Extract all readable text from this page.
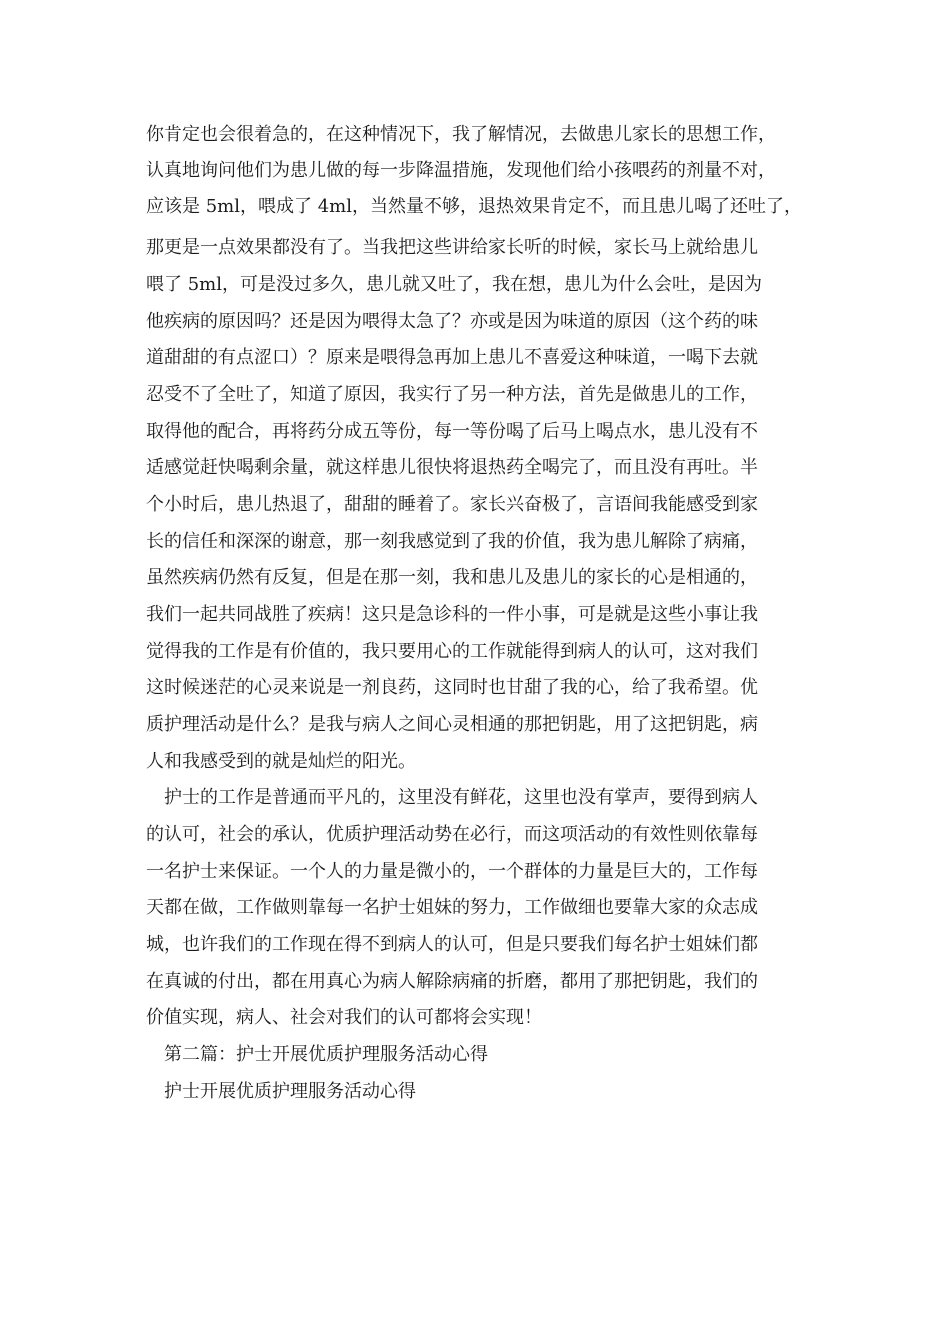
你肯定也会很着急的，在这种情况下，我了解情况，去做患儿家长的思想工作，
认真地询问他们为患儿做的每一步降温措施，发现他们给小孩喂药的剂量不对，
应该是 5ml，喂成了 4ml，当然量不够，退热效果肯定不，而且患儿喝了还吐了，
那更是一点效果都没有了。当我把这些讲给家长听的时候，家长马上就给患儿
喂了 5ml，可是没过多久，患儿就又吐了，我在想，患儿为什么会吐，是因为
他疾病的原因吗？还是因为喂得太急了？亦或是因为味道的原因（这个药的味
道甜甜的有点涩口）？原来是喂得急再加上患儿不喜爱这种味道，一喝下去就
忍受不了全吐了，知道了原因，我实行了另一种方法，首先是做患儿的工作，
取得他的配合，再将药分成五等份，每一等份喝了后马上喝点水，患儿没有不
适感觉赶快喝剩余量，就这样患儿很快将退热药全喝完了，而且没有再吐。半
个小时后，患儿热退了，甜甜的睡着了。家长兴奋极了，言语间我能感受到家
长的信任和深深的谢意，那一刻我感觉到了我的价值，我为患儿解除了病痛，
虽然疾病仍然有反复，但是在那一刻，我和患儿及患儿的家长的心是相通的，
我们一起共同战胜了疾病！这只是急诊科的一件小事，可是就是这些小事让我
觉得我的工作是有价值的，我只要用心的工作就能得到病人的认可，这对我们
这时候迷茫的心灵来说是一剂良药，这同时也甘甜了我的心，给了我希望。优
质护理活动是什么？是我与病人之间心灵相通的那把钥匙，用了这把钥匙，病
人和我感受到的就是灿烂的阳光。
护士的工作是普通而平凡的，这里没有鲜花，这里也没有掌声，要得到病人
的认可，社会的承认，优质护理活动势在必行，而这项活动的有效性则依靠每
一名护士来保证。一个人的力量是微小的，一个群体的力量是巨大的，工作每
天都在做，工作做则靠每一名护士姐妹的努力，工作做细也要靠大家的众志成
城，也许我们的工作现在得不到病人的认可，但是只要我们每名护士姐妹们都
在真诚的付出，都在用真心为病人解除病痛的折磨，都用了那把钥匙，我们的
价值实现，病人、社会对我们的认可都将会实现！
第二篇：护士开展优质护理服务活动心得
护士开展优质护理服务活动心得
